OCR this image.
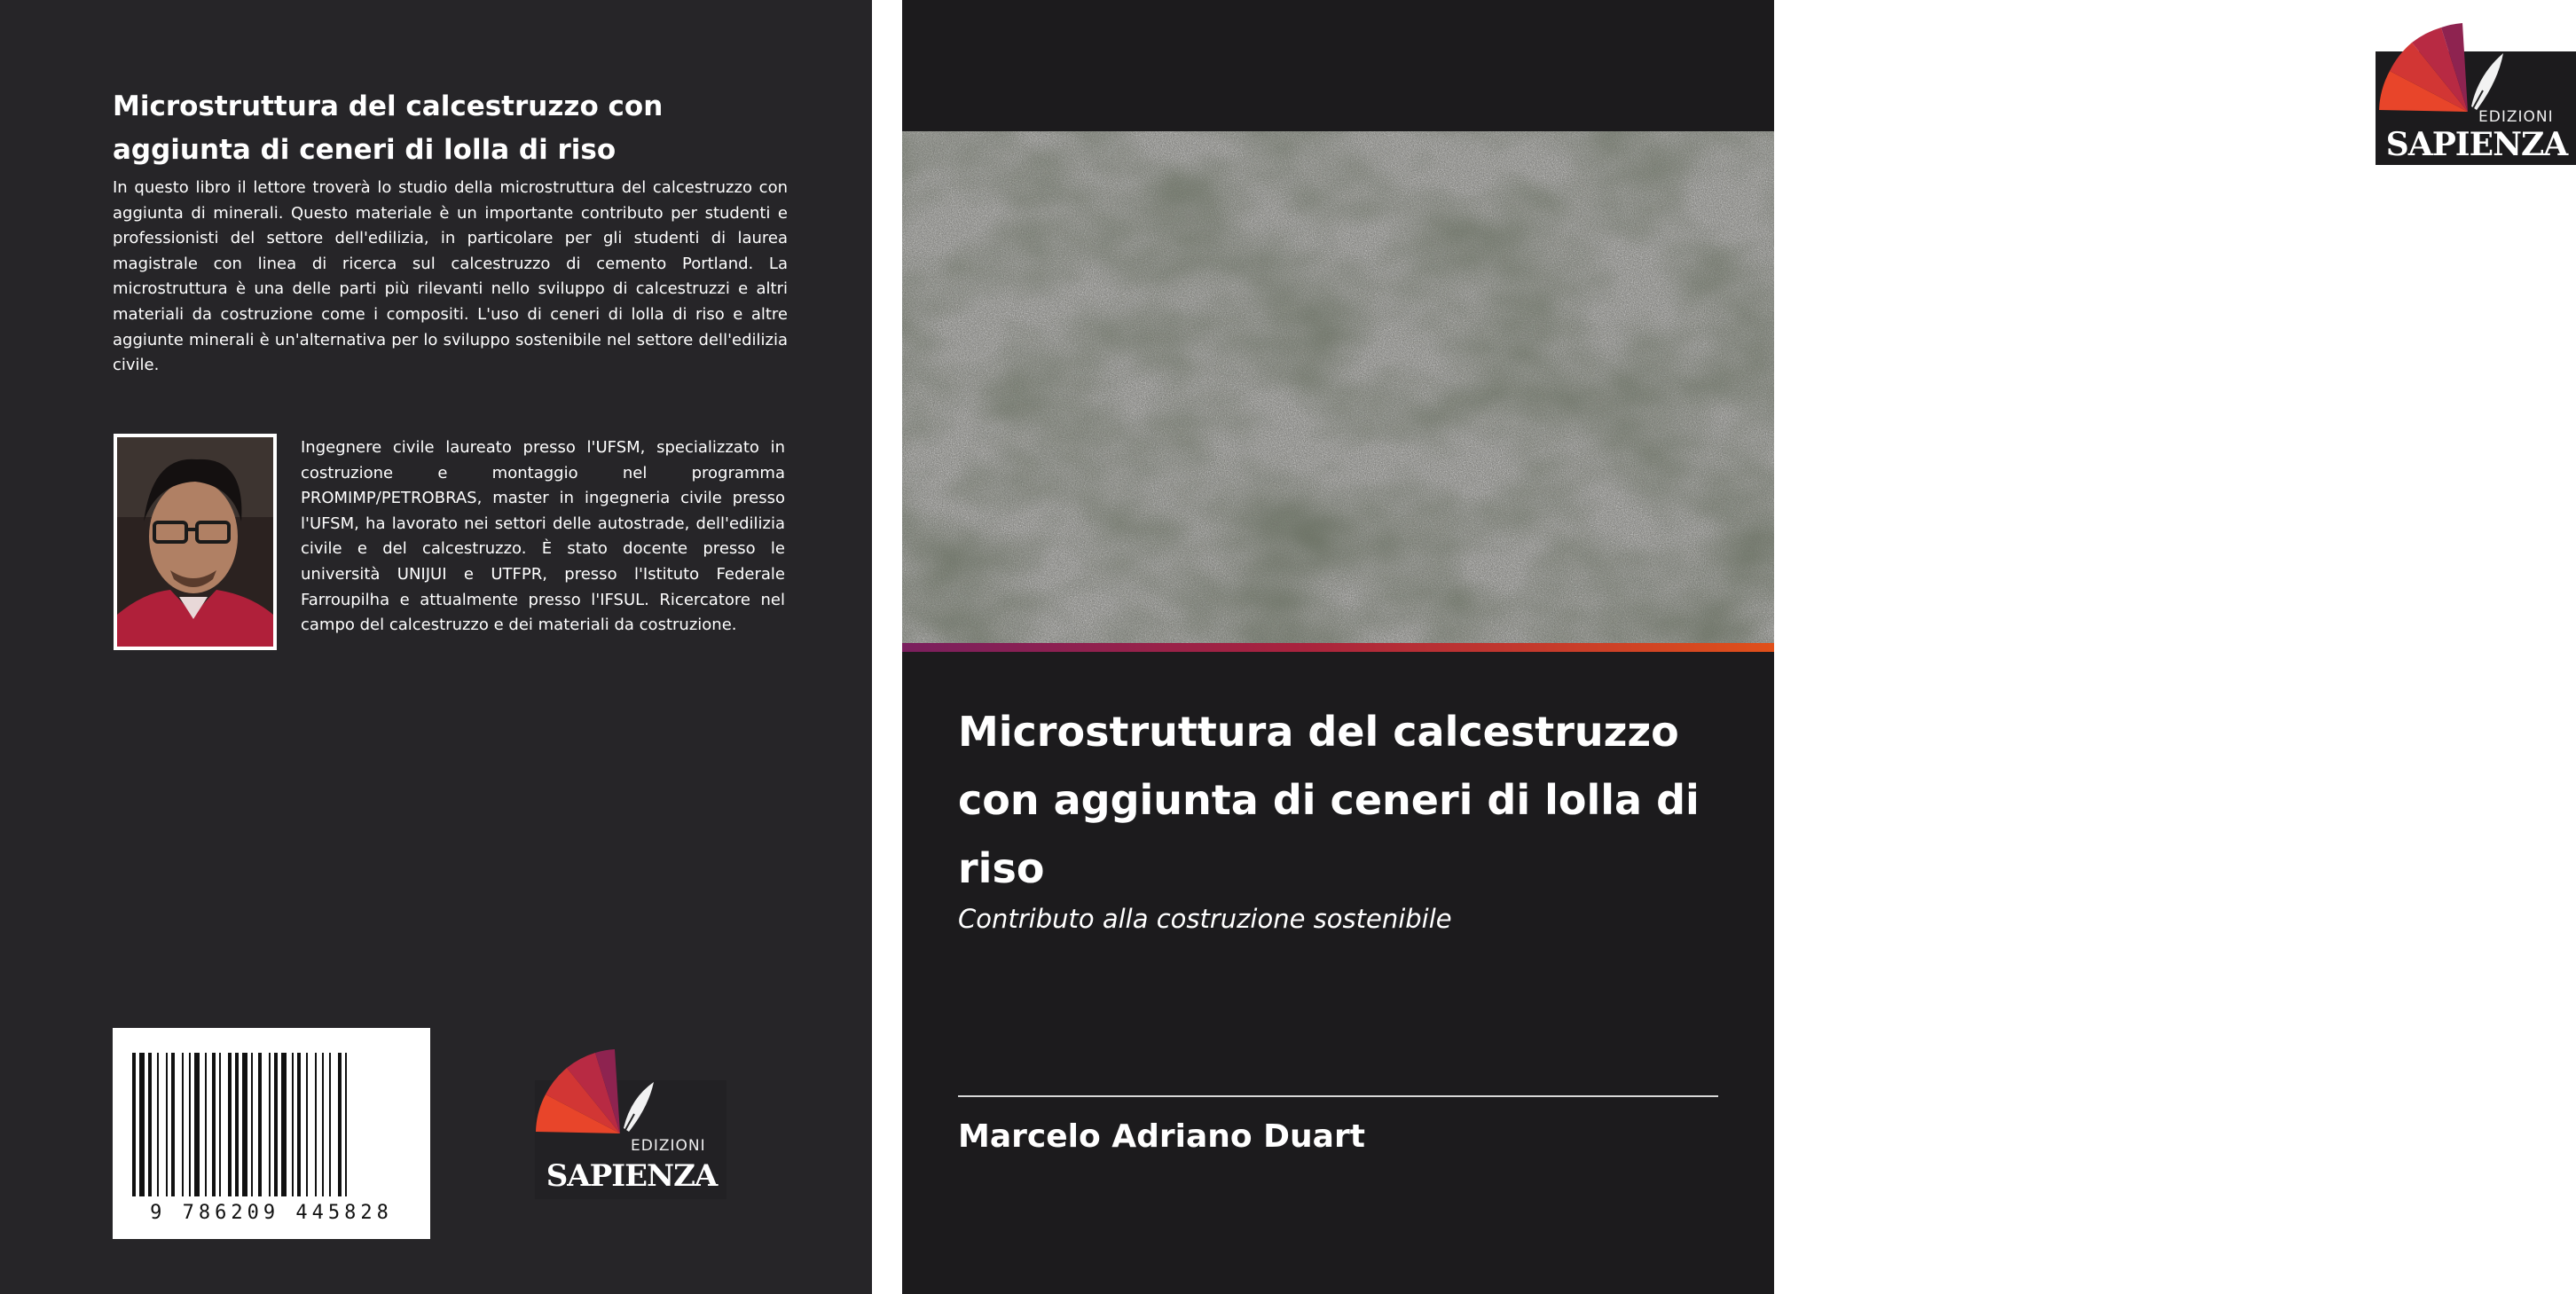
Microstruttura del calcestruzzo con aggiunta di ceneri di lolla di riso

In questo libro il lettore troverà lo studio della microstruttura del calcestruzzo con aggiunta di minerali. Questo materiale è un importante contributo per studenti e professionisti del settore dell'edilizia, in particolare per gli studenti di laurea magistrale con linea di ricerca sul calcestruzzo di cemento Portland. La microstruttura è una delle parti più rilevanti nello sviluppo di calcestruzzi e altri materiali da costruzione come i compositi. L'uso di ceneri di lolla di riso e altre aggiunte minerali è un'alternativa per lo sviluppo sostenibile nel settore dell'edilizia civile.

Ingegnere civile laureato presso l'UFSM, specializzato in costruzione e montaggio nel programma PROMIMP/PETROBRAS, master in ingegneria civile presso l'UFSM, ha lavorato nei settori delle autostrade, dell'edilizia civile e del calcestruzzo. È stato docente presso le università UNIJUI e UTFPR, presso l'Istituto Federale Farroupilha e attualmente presso l'IFSUL. Ricercatore nel campo del calcestruzzo e dei materiali da costruzione.

9 786209 445828
EDIZIONI
SAPIENZA
EDIZIONI
SAPIENZA
Microstruttura del calcestruzzo con aggiunta di ceneri di lolla di riso

Contributo alla costruzione sostenibile

Marcelo Adriano Duart
